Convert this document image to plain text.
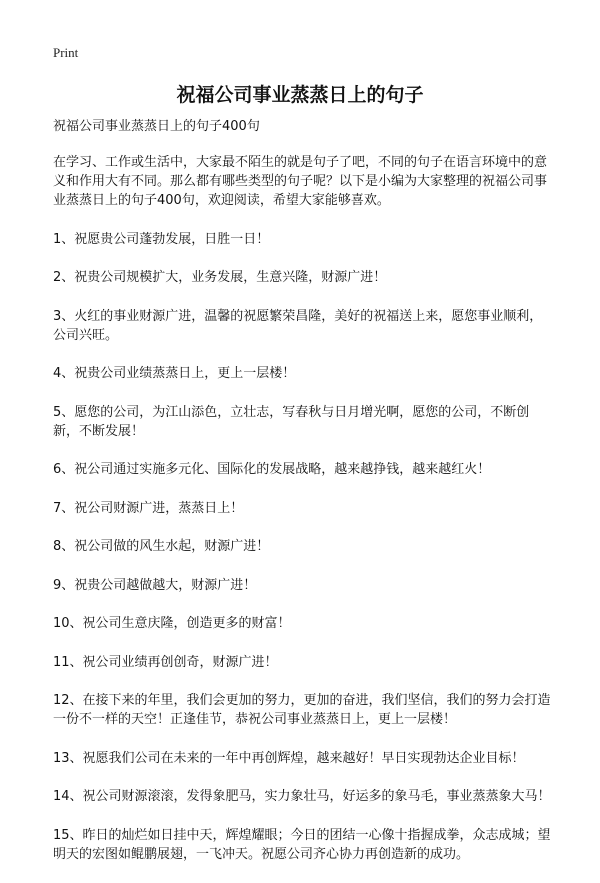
Print
祝福公司事业蒸蒸日上的句子

祝福公司事业蒸蒸日上的句子400句

在学习、工作或生活中，大家最不陌生的就是句子了吧，不同的句子在语言环境中的意义和作用大有不同。那么都有哪些类型的句子呢？以下是小编为大家整理的祝福公司事业蒸蒸日上的句子400句，欢迎阅读，希望大家能够喜欢。

1、祝愿贵公司蓬勃发展，日胜一日！

2、祝贵公司规模扩大，业务发展，生意兴隆，财源广进！

3、火红的事业财源广进，温馨的祝愿繁荣昌隆，美好的祝福送上来，愿您事业顺利，公司兴旺。

4、祝贵公司业绩蒸蒸日上，更上一层楼！

5、愿您的公司，为江山添色，立壮志，写春秋与日月增光啊，愿您的公司，不断创新，不断发展！

6、祝公司通过实施多元化、国际化的发展战略，越来越挣钱，越来越红火！

7、祝公司财源广进，蒸蒸日上！

8、祝公司做的风生水起，财源广进！

9、祝贵公司越做越大，财源广进！

10、祝公司生意庆隆，创造更多的财富！

11、祝公司业绩再创创奇，财源广进！

12、在接下来的年里，我们会更加的努力，更加的奋进，我们坚信，我们的努力会打造一份不一样的天空！正逢佳节，恭祝公司事业蒸蒸日上，更上一层楼！

13、祝愿我们公司在未来的一年中再创辉煌，越来越好！早日实现勃达企业目标！

14、祝公司财源滚滚，发得象肥马，实力象壮马，好运多的象马毛，事业蒸蒸象大马！

15、昨日的灿烂如日挂中天，辉煌耀眼；今日的团结一心像十指握成拳，众志成城；望明天的宏图如鲲鹏展翅，一飞冲天。祝愿公司齐心协力再创造新的成功。
